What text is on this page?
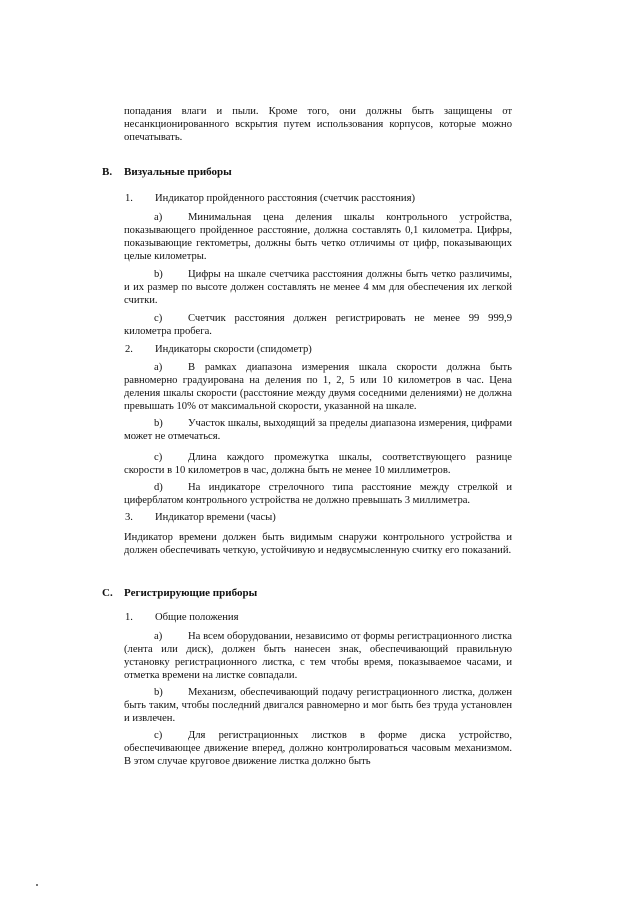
попадания влаги и пыли. Кроме того, они должны быть защищены от несанкционированного вскрытия путем использования корпусов, которые можно опечатывать.
B. Визуальные приборы
1. Индикатор пройденного расстояния (счетчик расстояния)
a) Минимальная цена деления шкалы контрольного устройства, показывающего пройденное расстояние, должна составлять 0,1 километра. Цифры, показывающие гектометры, должны быть четко отличимы от цифр, показывающих целые километры.
b) Цифры на шкале счетчика расстояния должны быть четко различимы, и их размер по высоте должен составлять не менее 4 мм для обеспечения их легкой считки.
c) Счетчик расстояния должен регистрировать не менее 99 999,9 километра пробега.
2. Индикаторы скорости (спидометр)
a) В рамках диапазона измерения шкала скорости должна быть равномерно градуирована на деления по 1, 2, 5 или 10 километров в час. Цена деления шкалы скорости (расстояние между двумя соседними делениями) не должна превышать 10% от максимальной скорости, указанной на шкале.
b) Участок шкалы, выходящий за пределы диапазона измерения, цифрами может не отмечаться.
c) Длина каждого промежутка шкалы, соответствующего разнице скорости в 10 километров в час, должна быть не менее 10 миллиметров.
d) На индикаторе стрелочного типа расстояние между стрелкой и циферблатом контрольного устройства не должно превышать 3 миллиметра.
3. Индикатор времени (часы)
Индикатор времени должен быть видимым снаружи контрольного устройства и должен обеспечивать четкую, устойчивую и недвусмысленную считку его показаний.
C. Регистрирующие приборы
1. Общие положения
a) На всем оборудовании, независимо от формы регистрационного листка (лента или диск), должен быть нанесен знак, обеспечивающий правильную установку регистрационного листка, с тем чтобы время, показываемое часами, и отметка времени на листке совпадали.
b) Механизм, обеспечивающий подачу регистрационного листка, должен быть таким, чтобы последний двигался равномерно и мог быть без труда установлен и извлечен.
c) Для регистрационных листков в форме диска устройство, обеспечивающее движение вперед, должно контролироваться часовым механизмом. В этом случае круговое движение листка должно быть
